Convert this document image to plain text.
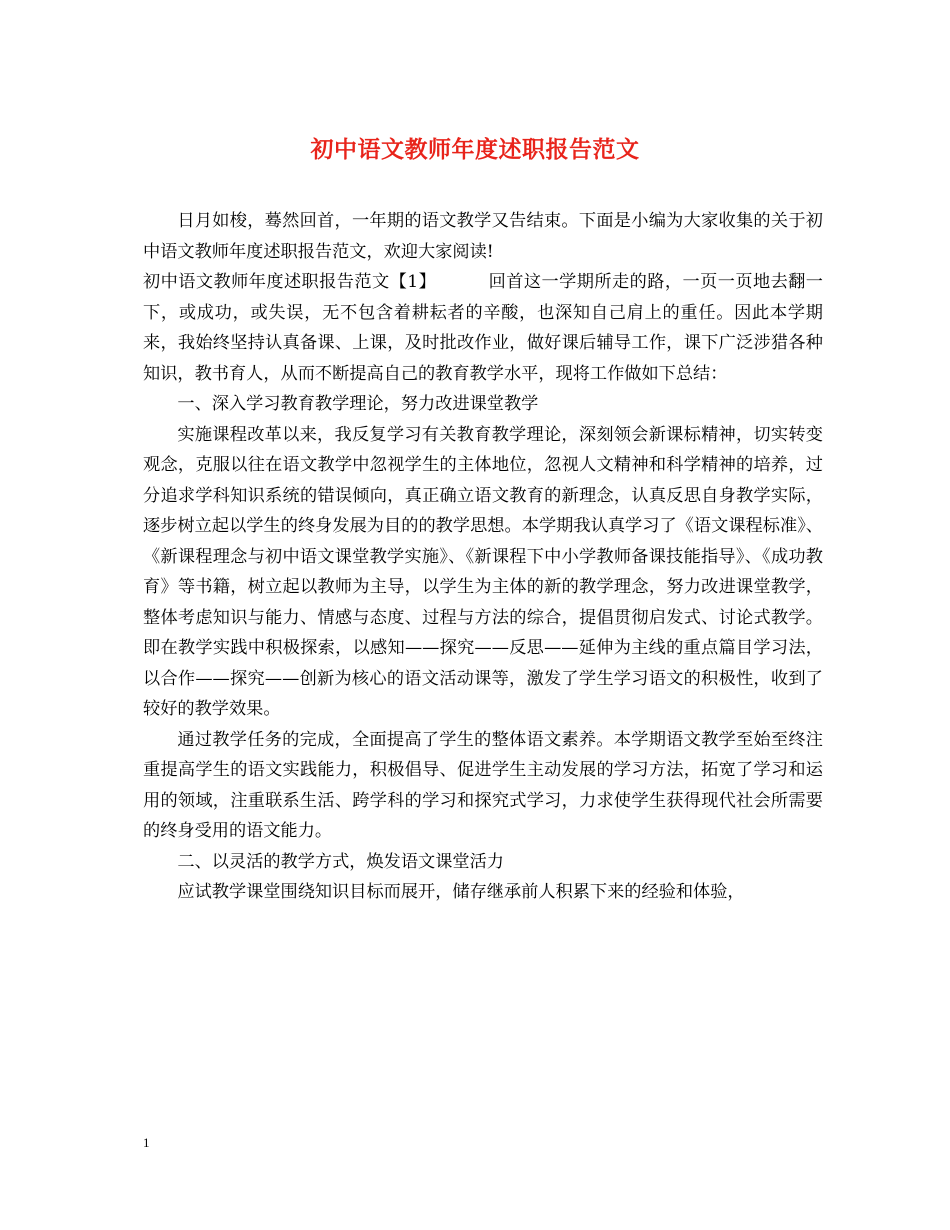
初中语文教师年度述职报告范文

日月如梭，蓦然回首，一年期的语文教学又告结束。下面是小编为大家收集的关于初中语文教师年度述职报告范文，欢迎大家阅读!

初中语文教师年度述职报告范文【1】	回首这一学期所走的路，一页一页地去翻一下，或成功，或失误，无不包含着耕耘者的辛酸，也深知自己肩上的重任。因此本学期来，我始终坚持认真备课、上课，及时批改作业，做好课后辅导工作，课下广泛涉猎各种知识，教书育人，从而不断提高自己的教育教学水平，现将工作做如下总结：

一、深入学习教育教学理论，努力改进课堂教学

实施课程改革以来，我反复学习有关教育教学理论，深刻领会新课标精神，切实转变观念，克服以往在语文教学中忽视学生的主体地位，忽视人文精神和科学精神的培养，过分追求学科知识系统的错误倾向，真正确立语文教育的新理念，认真反思自身教学实际，逐步树立起以学生的终身发展为目的的教学思想。本学期我认真学习了《语文课程标准》、《新课程理念与初中语文课堂教学实施》、《新课程下中小学教师备课技能指导》、《成功教育》等书籍，树立起以教师为主导，以学生为主体的新的教学理念，努力改进课堂教学，整体考虑知识与能力、情感与态度、过程与方法的综合，提倡贯彻启发式、讨论式教学。即在教学实践中积极探索，以感知——探究——反思——延伸为主线的重点篇目学习法，以合作——探究——创新为核心的语文活动课等，激发了学生学习语文的积极性，收到了较好的教学效果。

通过教学任务的完成，全面提高了学生的整体语文素养。本学期语文教学至始至终注重提高学生的语文实践能力，积极倡导、促进学生主动发展的学习方法，拓宽了学习和运用的领域，注重联系生活、跨学科的学习和探究式学习，力求使学生获得现代社会所需要的终身受用的语文能力。

二、以灵活的教学方式，焕发语文课堂活力

应试教学课堂围绕知识目标而展开，储存继承前人积累下来的经验和体验，

1
